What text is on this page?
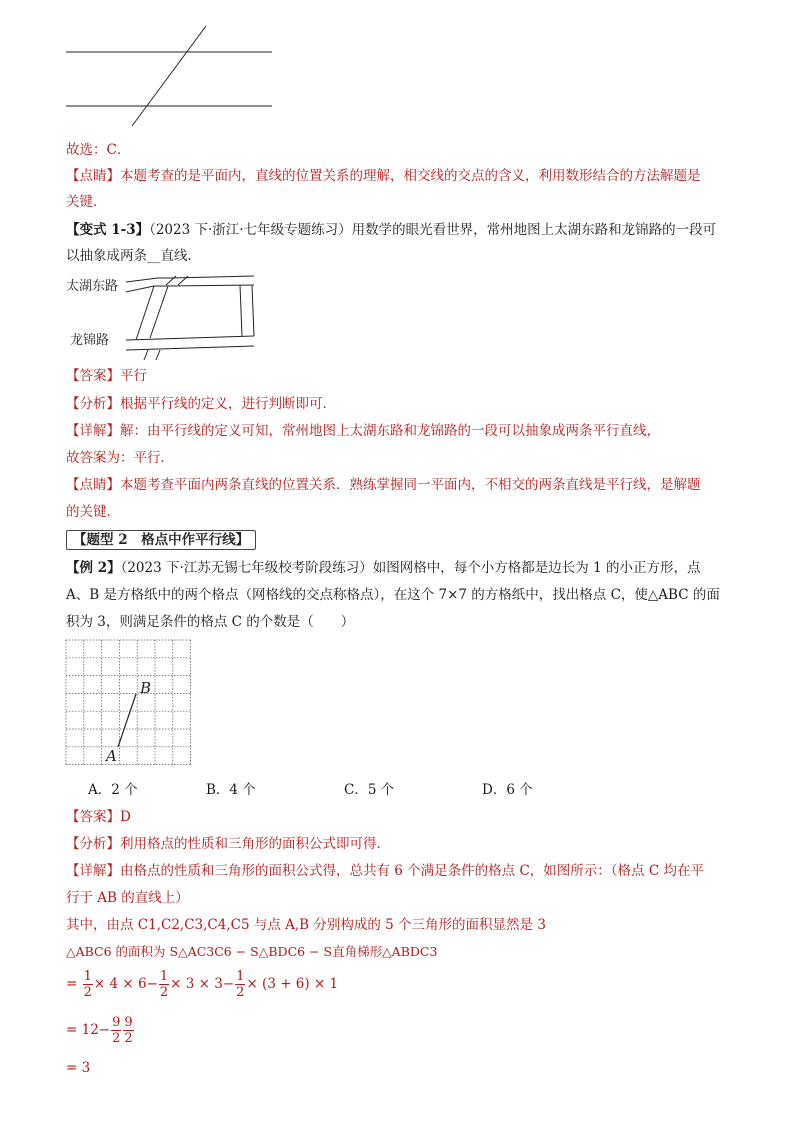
故选：C．
【点睛】本题考查的是平面内，直线的位置关系的理解，相交线的交点的含义，利用数形结合的方法解题是
关键．
【变式 1-3】（2023 下·浙江·七年级专题练习）用数学的眼光看世界，常州地图上太湖东路和龙锦路的一段可
以抽象成两条__直线．
太湖东路
龙锦路
【答案】平行
【分析】根据平行线的定义，进行判断即可．
【详解】解：由平行线的定义可知，常州地图上太湖东路和龙锦路的一段可以抽象成两条平行直线，
故答案为：平行．
【点睛】本题考查平面内两条直线的位置关系．熟练掌握同一平面内，不相交的两条直线是平行线，是解题
的关键．
【题型 2　格点中作平行线】
【例 2】（2023 下·江苏无锡七年级校考阶段练习）如图网格中，每个小方格都是边长为 1 的小正方形，点
A、B 是方格纸中的两个格点（网格线的交点称格点），在这个 7×7 的方格纸中，找出格点 C，使△ABC 的面
积为 3，则满足条件的格点 C 的个数是（　　）
B
A
A．2 个	B．4 个	C．5 个	D．6 个
【答案】D
【分析】利用格点的性质和三角形的面积公式即可得．
【详解】由格点的性质和三角形的面积公式得，总共有 6 个满足条件的格点 C，如图所示：（格点 C 均在平
行于 AB 的直线上）
其中，由点 C1,C2,C3,C4,C5 与点 A,B 分别构成的 5 个三角形的面积显然是 3
△ABC6 的面积为 S△AC3C6 − S△BDC6 − S直角梯形△ABDC3
= $\frac{1}{2} \times 4 \times 6- \frac{1}{2} \times 3 \times 3- \frac{1}{2} \times (3 + 6) \times 1$
= $12- \frac{9}{2} \frac{9}{2}$
= 3
